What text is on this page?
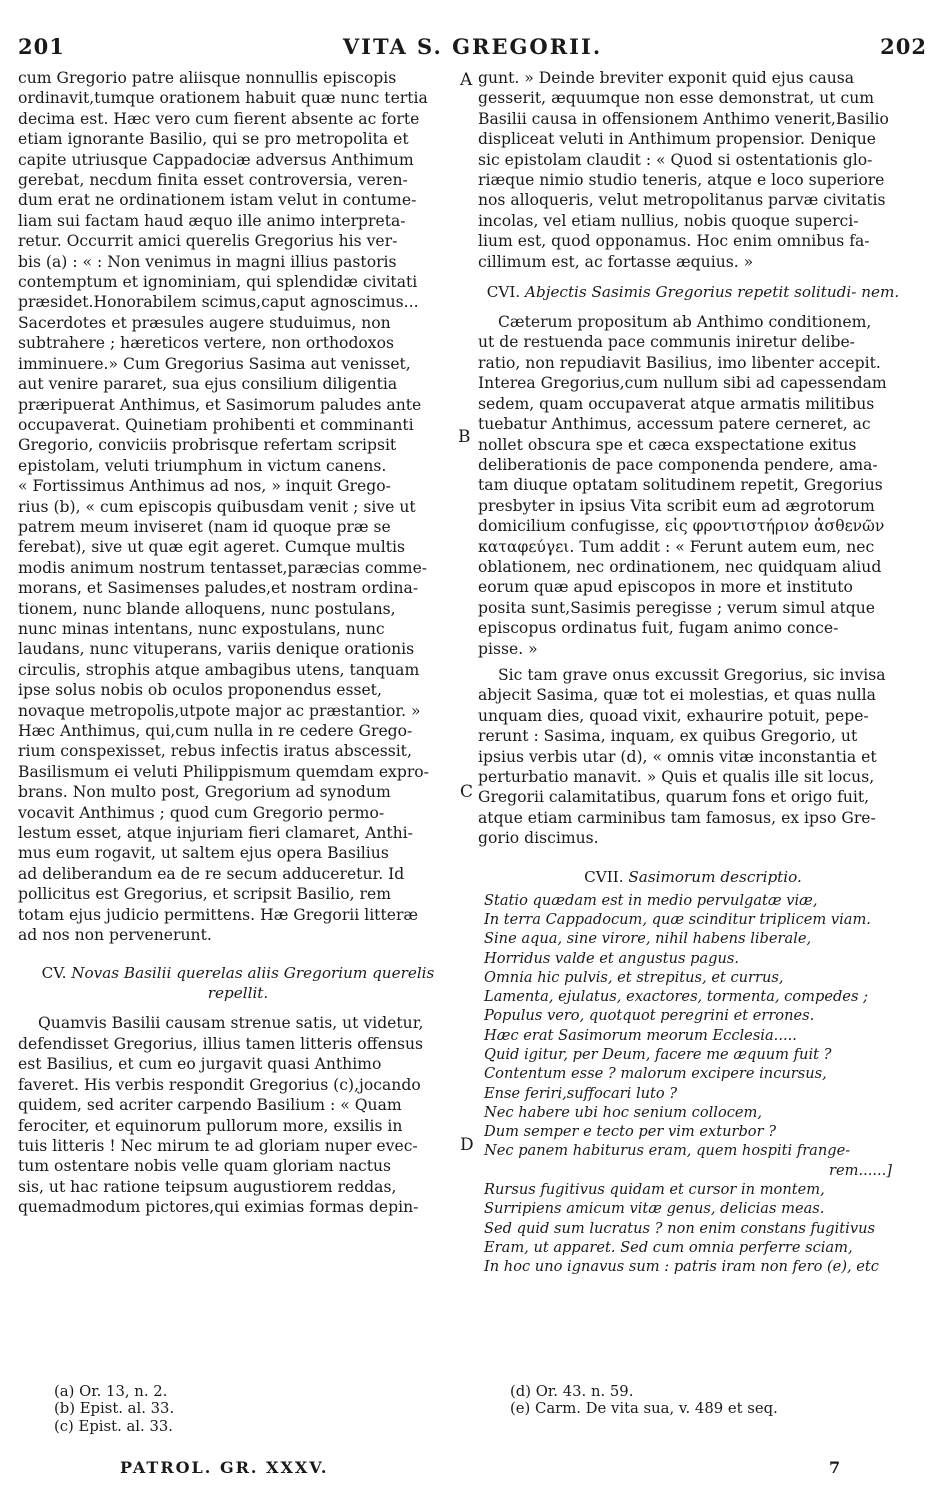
201	VITA S. GREGORII.	202
cum Gregorio patre aliisque nonnullis episcopis
ordinavit,tumque orationem habuit quæ nunc tertia
decima est. Hæc vero cum fierent absente ac forte
etiam ignorante Basilio, qui se pro metropolita et
capite utriusque Cappadociæ adversus Anthimum
gerebat, necdum finita esset controversia, veren-
dum erat ne ordinationem istam velut in contume-
liam sui factam haud æquo ille animo interpreta-
retur. Occurrit amici querelis Gregorius his ver-
bis (a) : « : Non venimus in magni illius pastoris
contemptum et ignominiam, qui splendidæ civitati
præsidet.Honorabilem scimus,caput agnoscimus...
Sacerdotes et præsules augere studuimus, non
subtrahere ; hæreticos vertere, non orthodoxos
imminuere.» Cum Gregorius Sasima aut venisset,
aut venire pararet, sua ejus consilium diligentia
præripuerat Anthimus, et Sasimorum paludes ante
occupaverat. Quinetiam prohibenti et comminanti
Gregorio, conviciis probrisque refertam scripsit
epistolam, veluti triumphum in victum canens.
« Fortissimus Anthimus ad nos, » inquit Grego-
rius (b), « cum episcopis quibusdam venit ; sive ut
patrem meum inviseret (nam id quoque præ se
ferebat), sive ut quæ egit ageret. Cumque multis
modis animum nostrum tentasset,paræcias comme-
morans, et Sasimenses paludes,et nostram ordina-
tionem, nunc blande alloquens, nunc postulans,
nunc minas intentans, nunc expostulans, nunc
laudans, nunc vituperans, variis denique orationis
circulis, strophis atque ambagibus utens, tanquam
ipse solus nobis ob oculos proponendus esset,
novaque metropolis,utpote major ac præstantior. »
Hæc Anthimus, qui,cum nulla in re cedere Grego-
rium conspexisset, rebus infectis iratus abscessit,
Basilismum ei veluti Philippismum quemdam expro-
brans. Non multo post, Gregorium ad synodum
vocavit Anthimus ; quod cum Gregorio permo-
lestum esset, atque injuriam fieri clamaret, Anthi-
mus eum rogavit, ut saltem ejus opera Basilius
ad deliberandum ea de re secum adduceretur. Id
pollicitus est Gregorius, et scripsit Basilio, rem
totam ejus judicio permittens. Hæ Gregorii litteræ
ad nos non pervenerunt.

CV. Novas Basilii querelas aliis Gregorium querelis repellit.

Quamvis Basilii causam strenue satis, ut videtur,
defendisset Gregorius, illius tamen litteris offensus
est Basilius, et cum eo jurgavit quasi Anthimo
faveret. His verbis respondit Gregorius (c),jocando
quidem, sed acriter carpendo Basilium : « Quam
ferociter, et equinorum pullorum more, exsilis in
tuis litteris ! Nec mirum te ad gloriam nuper evec-
tum ostentare nobis velle quam gloriam nactus
sis, ut hac ratione teipsum augustiorem reddas,
quemadmodum pictores,qui eximias formas depin-
gunt. » Deinde breviter exponit quid ejus causa
gesserit, æquumque non esse demonstrat, ut cum
Basilii causa in offensionem Anthimo venerit,Basilio
displiceat veluti in Anthimum propensior. Denique
sic epistolam claudit : « Quod si ostentationis glo-
riæque nimio studio teneris, atque e loco superiore
nos alloqueris, velut metropolitanus parvæ civitatis
incolas, vel etiam nullius, nobis quoque superci-
lium est, quod opponamus. Hoc enim omnibus fa-
cillimum est, ac fortasse æquius. »

CVI. Abjectis Sasimis Gregorius repetit solitudi- nem.

Cæterum propositum ab Anthimo conditionem,
ut de restuenda pace communis iniretur delibe-
ratio, non repudiavit Basilius, imo libenter accepit.
Interea Gregorius,cum nullum sibi ad capessendam
sedem, quam occupaverat atque armatis militibus
tuebatur Anthimus, accessum patere cerneret, ac
nollet obscura spe et cæca exspectatione exitus
deliberationis de pace componenda pendere, ama-
tam diuque optatam solitudinem repetit, Gregorius
presbyter in ipsius Vita scribit eum ad ægrotorum
domicilium confugisse, εἰς φροντιστήριον ἀσθενῶν
καταφεύγει. Tum addit : « Ferunt autem eum, nec
oblationem, nec ordinationem, nec quidquam aliud
eorum quæ apud episcopos in more et instituto
posita sunt,Sasimis peregisse ; verum simul atque
episcopus ordinatus fuit, fugam animo conce-
pisse. »
Sic tam grave onus excussit Gregorius, sic invisa
abjecit Sasima, quæ tot ei molestias, et quas nulla
unquam dies, quoad vixit, exhaurire potuit, pepe-
rerunt : Sasima, inquam, ex quibus Gregorio, ut
ipsius verbis utar (d), « omnis vitæ inconstantia et
perturbatio manavit. » Quis et qualis ille sit locus,
Gregorii calamitatibus, quarum fons et origo fuit,
atque etiam carminibus tam famosus, ex ipso Gre-
gorio discimus.

CVII. Sasimorum descriptio.

Statio quædam est in medio pervulgatæ viæ,
In terra Cappadocum, quæ scinditur triplicem viam.
Sine aqua, sine virore, nihil habens liberale,
Horridus valde et angustus pagus.
Omnia hic pulvis, et strepitus, et currus,
Lamenta, ejulatus, exactores, tormenta, compedes ;
Populus vero, quotquot peregrini et errones.
Hæc erat Sasimorum meorum Ecclesia.....
Quid igitur, per Deum, facere me æquum fuit ?
Contentum esse ? malorum excipere incursus,
Ense feriri,suffocari luto ?
Nec habere ubi hoc senium collocem,
Dum semper e tecto per vim exturbor ?
Nec panem habiturus eram, quem hospiti frange-
rem......]
Rursus fugitivus quidam et cursor in montem,
Surripiens amicum vitæ genus, delicias meas.
Sed quid sum lucratus ? non enim constans fugitivus
Eram, ut apparet. Sed cum omnia perferre sciam,
In hoc uno ignavus sum : patris iram non fero (e), etc
A
B
C
D
(a) Or. 13, n. 2.
(b) Epist. al. 33.
(c) Epist. al. 33.
(d) Or. 43. n. 59.
(e) Carm. De vita sua, v. 489 et seq.
PATROL. GR. XXXV.	7
